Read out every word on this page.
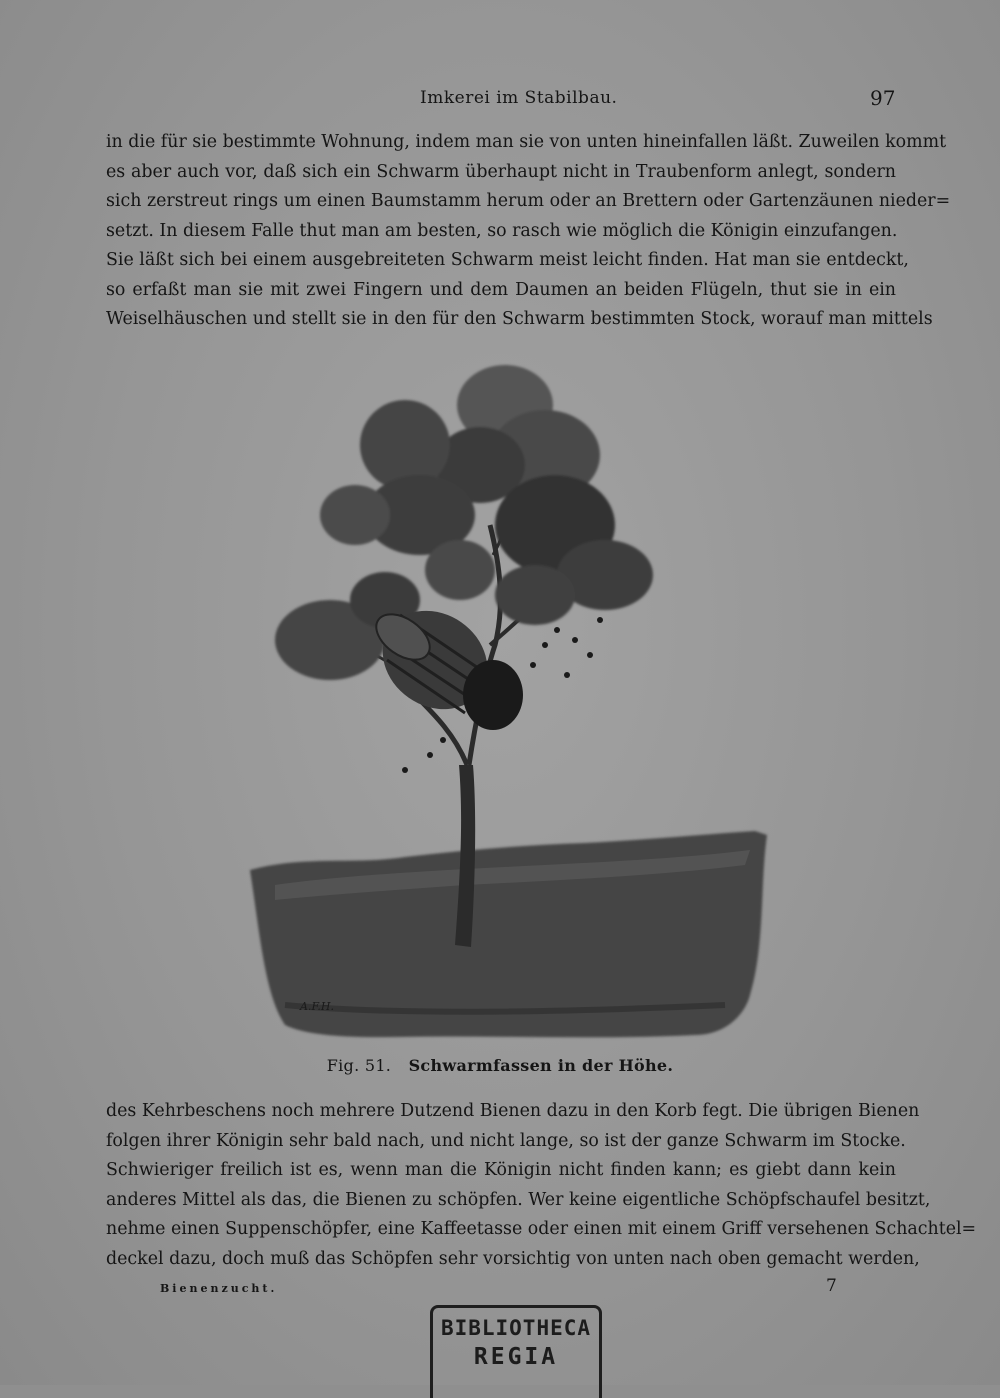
Imkerei im Stabilbau.	97
in die für sie bestimmte Wohnung, indem man sie von unten hineinfallen läßt. Zuweilen kommt
es aber auch vor, daß sich ein Schwarm überhaupt nicht in Traubenform anlegt, sondern
sich zerstreut rings um einen Baumstamm herum oder an Brettern oder Gartenzäunen nieder=
setzt. In diesem Falle thut man am besten, so rasch wie möglich die Königin einzufangen.
Sie läßt sich bei einem ausgebreiteten Schwarm meist leicht finden. Hat man sie entdeckt,
so erfaßt man sie mit zwei Fingern und dem Daumen an beiden Flügeln, thut sie in ein
Weiselhäuschen und stellt sie in den für den Schwarm bestimmten Stock, worauf man mittels
A.F.H.
Fig. 51. Schwarmfassen in der Höhe.
des Kehrbeschens noch mehrere Dutzend Bienen dazu in den Korb fegt. Die übrigen Bienen
folgen ihrer Königin sehr bald nach, und nicht lange, so ist der ganze Schwarm im Stocke.
Schwieriger freilich ist es, wenn man die Königin nicht finden kann; es giebt dann kein
anderes Mittel als das, die Bienen zu schöpfen. Wer keine eigentliche Schöpfschaufel besitzt,
nehme einen Suppenschöpfer, eine Kaffeetasse oder einen mit einem Griff versehenen Schachtel=
deckel dazu, doch muß das Schöpfen sehr vorsichtig von unten nach oben gemacht werden,
Bienenzucht.	7
BIBLIOTHECA
REGIA
